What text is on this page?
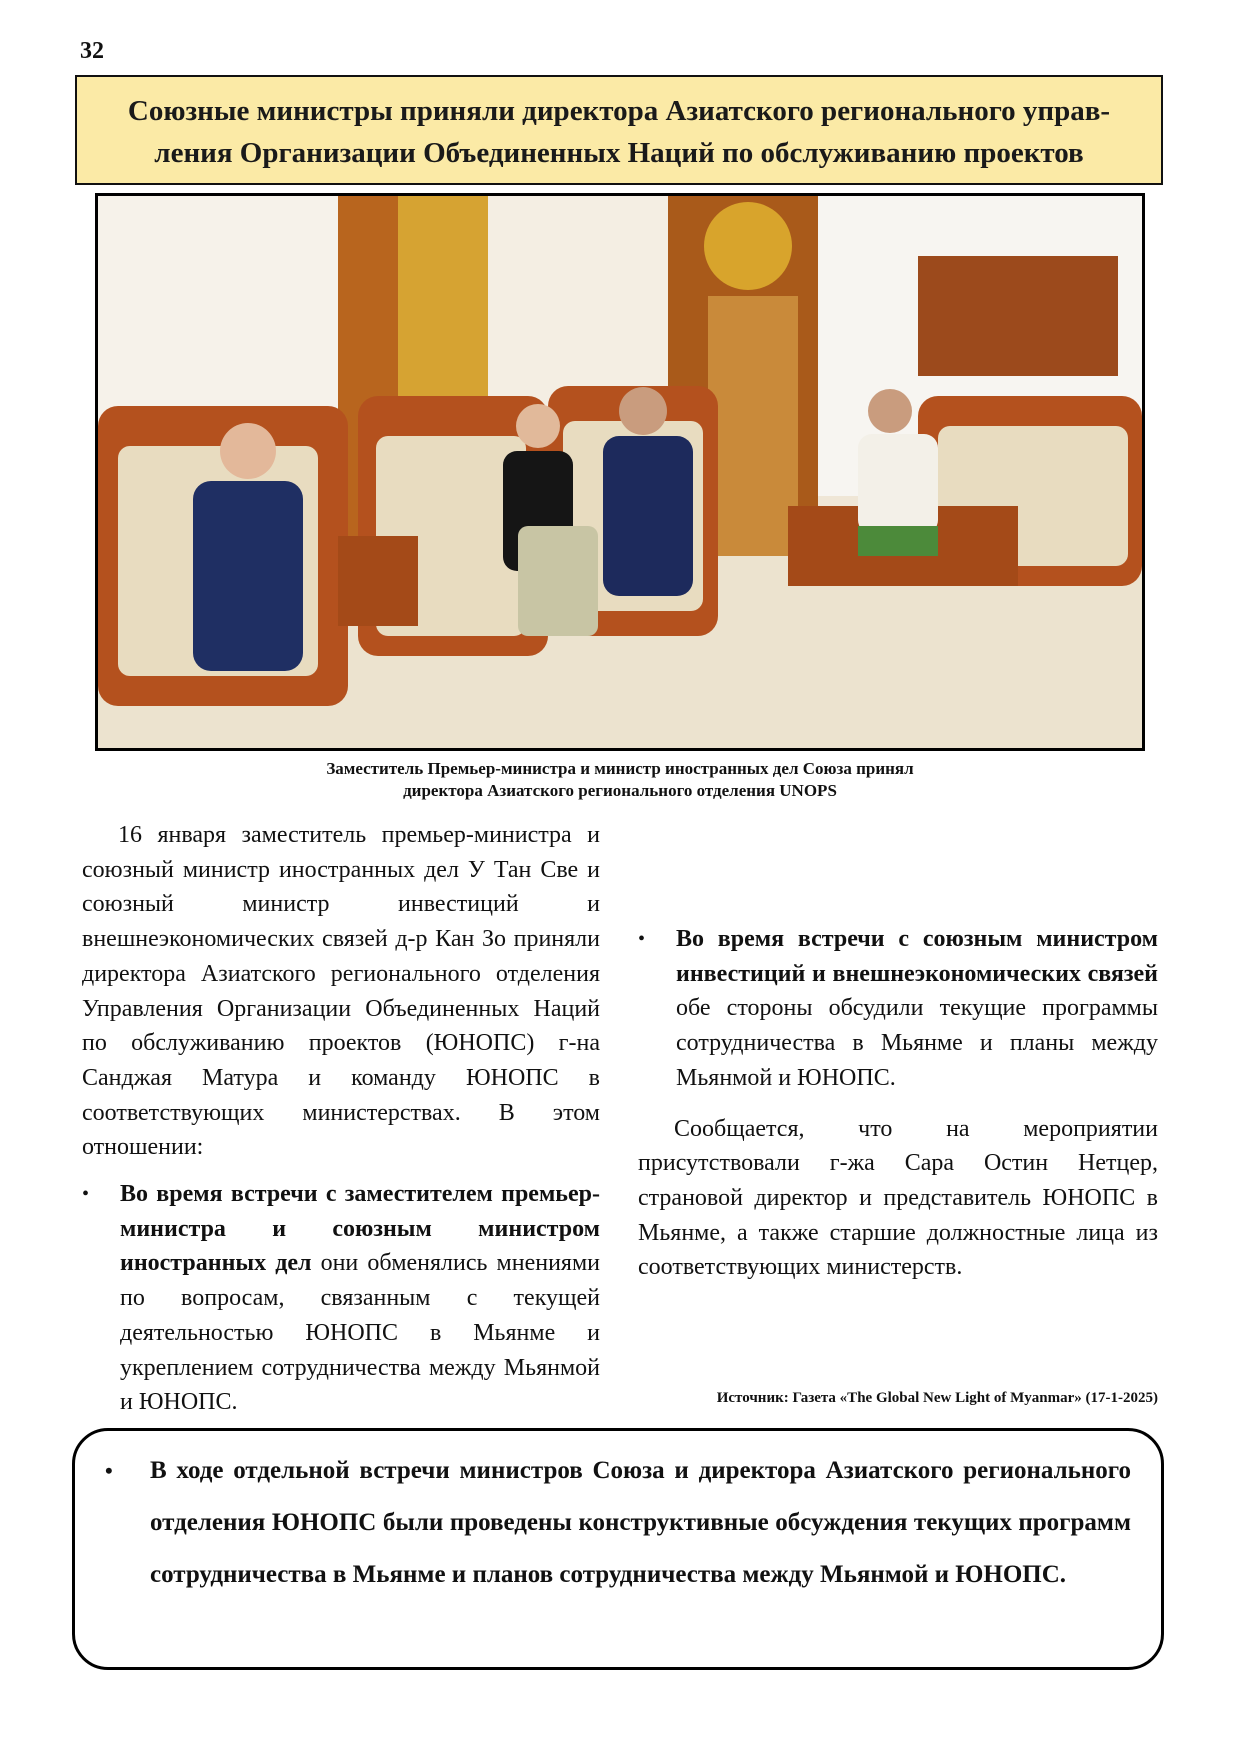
32
Союзные министры приняли директора Азиатского регионального управ-
ления Организации Объединенных Наций по обслуживанию проектов
Заместитель Премьер-министра и министр иностранных дел Союза принял
директора Азиатского регионального отделения UNOPS

16 января заместитель премьер-министра и союзный министр иностранных дел У Тан Све и союзный министр инвестиций и внешнеэкономических связей д-р Кан Зо приняли директора Азиатского регионального отделения Управления Организации Объединенных Наций по обслуживанию проектов (ЮНОПС) г-на Санджая Матура и команду ЮНОПС в соответствующих министерствах. В этом отношении:

• Во время встречи с заместителем премьер-министра и союзным министром иностранных дел они обменялись мнениями по вопросам, связанным с текущей деятельностью ЮНОПС в Мьянме и укреплением сотрудничества между Мьянмой и ЮНОПС.
• Во время встречи с союзным министром инвестиций и внешнеэкономических связей обе стороны обсудили текущие программы сотрудничества в Мьянме и планы между Мьянмой и ЮНОПС.

Сообщается, что на мероприятии присутствовали г-жа Сара Остин Нетцер, страновой директор и представитель ЮНОПС в Мьянме, а также старшие должностные лица из соответствующих министерств.

Источник: Газета «The Global New Light of Myanmar» (17-1-2025)
• В ходе отдельной встречи министров Союза и директора Азиатского регионального отделения ЮНОПС были проведены конструктивные обсуждения текущих программ сотрудничества в Мьянме и планов сотрудничества между Мьянмой и ЮНОПС.
